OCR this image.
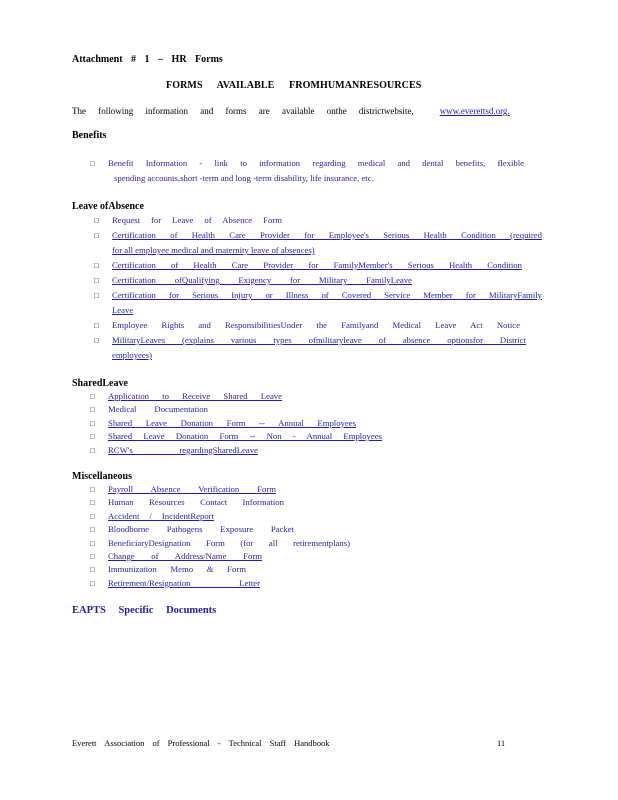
Attachment # 1 – HR Forms
FORMS AVAILABLE FROMHUMANRESOURCES
The following information and forms are available onthe districtwebsite,	www.everettsd.org.
Benefits
Leave ofAbsence
SharedLeave
Miscellaneous
EAPTS Specific Documents
□ Benefit Information - link to information regarding medical and dental benefits, flexible
spending accounts,short -term and long -term disability, life insurance, etc.
□ Request for Leave of Absence Form
□ Certification of Health Care Provider for Employee's Serious Health Condition (required
for all employee medical and maternity leave of absences)
□ Certification of Health Care Provider for FamilyMember's Serious Health Condition
□ Certification ofQualifying Exigency for Military FamilyLeave
□ Certification for Serious Injury or Illness of Covered Service Member for MilitaryFamily
Leave
□ Employee Rights and ResponsibilitiesUnder the Familyand Medical Leave Act Notice
□ MilitaryLeaves (explains various types ofmilitaryleave of absence optionsfor District
employees)
□ Application to Receive Shared Leave
□ Medical Documentation
□ Shared Leave Donation Form -- Annual Employees
□ Shared Leave Donation Form -- Non - Annual Employees
□ RCW's regardingSharedLeave
□ Payroll Absence Verification Form
□ Human Resources Contact Information
□ Accident / IncidentReport
□ Bloodborne Pathogens Exposure Packet
□ BeneficiaryDesignation Form (for all retirementplans)
□ Change of Address/Name Form
□ Immunization Memo & Form
□ Retirement/Resignation Letter
Everett Association of Professional - Technical Staff Handbook	11
